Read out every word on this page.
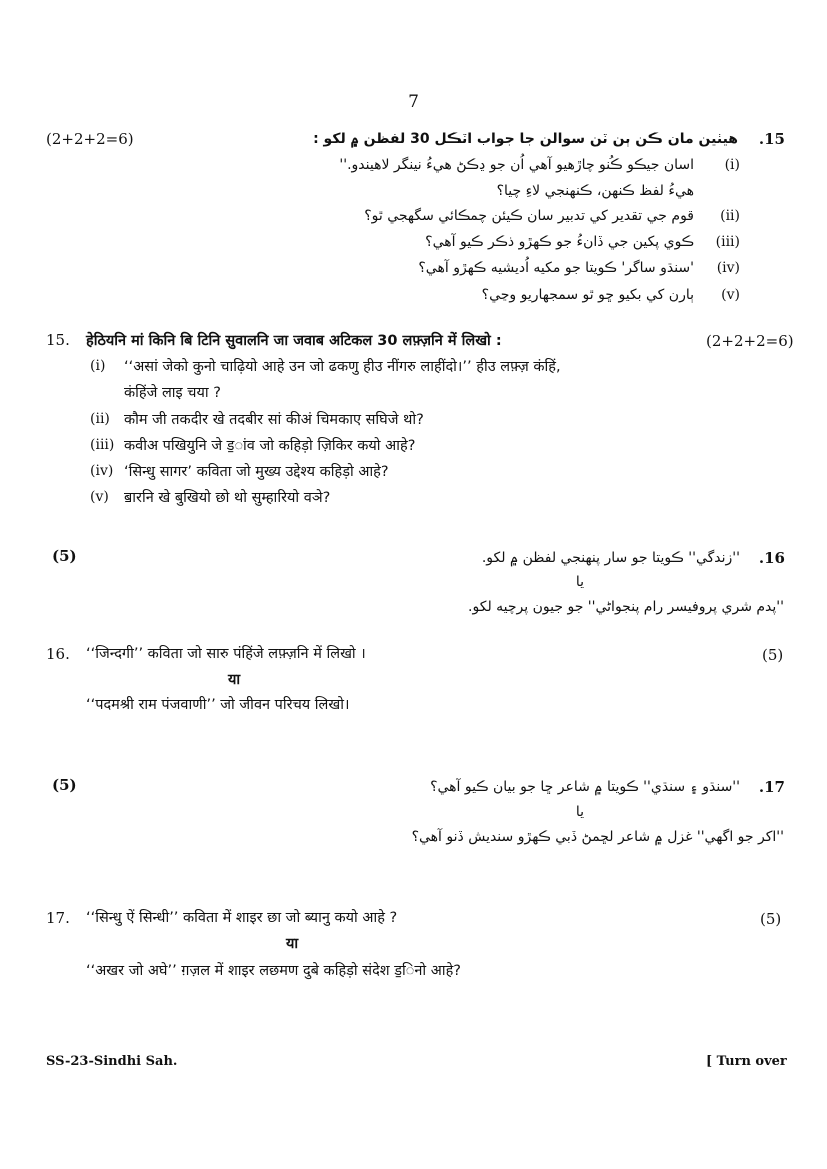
7
(2+2+2=6)	.15
هيٺين مان ڪن ٻن ٽن سوالن جا جواب اٽڪل 30 لفظن ۾ لکو :
اسان جيڪو ڪُنو چاڙهيو آهي اُن جو ڍڪڻ هيءُ نينگر لاهيندو.''	(i)
هيءُ لفظ ڪنهن، ڪنهنجي لاءِ چيا؟
قوم جي تقدير کي تدبير سان ڪيئن چمڪائي سگهجي ٿو؟	(ii)
ڪوي پکين جي ڏانءُ جو ڪهڙو ذڪر ڪيو آهي؟	(iii)
'سنڌو ساگر' ڪويتا جو مکيه اُديشيه ڪهڙو آهي؟	(iv)
ٻارن کي بکيو ڇو ٿو سمجهاريو وڃي؟	(v)
15. हेठियनि मां किनि बि टिनि सुवालनि जा जवाब अटिकल 30 लफ़्ज़नि में लिखो :	(2+2+2=6)
(i) ‘‘असां जेको कुनो चाढ़ियो आहे उन जो ढकणु हीउ नींगरु लाहींदो।’’ हीउ लफ़्ज़ कंहिं,
कंहिंजे लाइ चया ?
(ii) कौम जी तकदीर खे तदबीर सां कीअं चिमकाए सघिजे थो?
(iii) कवीअ पखियुनि जे ड॒ांव जो कहिड़ो ज़िकिर कयो आहे?
(iv) ‘सिन्धु सागर’ कविता जो मुख्य उद्देश्य कहिड़ो आहे?
(v) ॿारनि खे बुखियो छो थो सुम्हारियो वञे?
(5)	.16
''زندگي'' ڪويتا جو سار پنهنجي لفظن ۾ لکو.
يا
''پدم شري پروفيسر رام پنجواڻي'' جو جيون پرچيه لکو.
16. ‘‘जिन्दगी’’ कविता जो सारु पंहिंजे लफ़्ज़नि में लिखो ।	(5)
या
‘‘पदमश्री राम पंजवाणी’’ जो जीवन परिचय लिखो।
(5)	.17
''سنڌو ۽ سنڌي'' ڪويتا ۾ شاعر ڇا جو بيان ڪيو آهي؟
يا
''اکر جو اگهي'' غزل ۾ شاعر لڇمڻ ڏبي ڪهڙو سنديش ڏنو آهي؟
17. ‘‘सिन्धु ऐं सिन्धी’’ कविता में शाइर छा जो ब्यानु कयो आहे ?	(5)
या
‘‘अखर जो अघे’’ ग़ज़ल में शाइर लछमण दुबे कहिड़ो संदेश ड॒िनो आहे?
SS-23-Sindhi Sah.	[ Turn over
